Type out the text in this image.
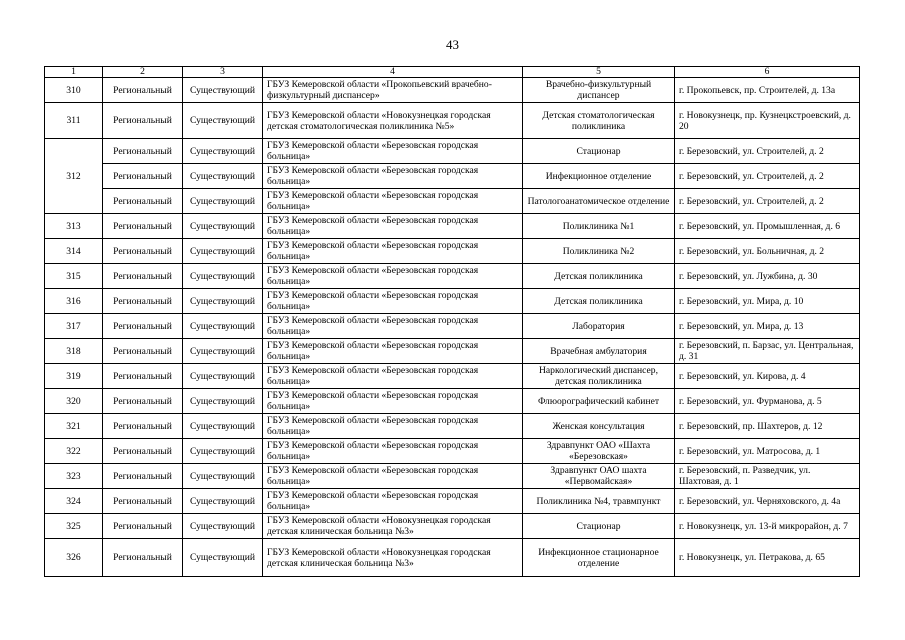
43
1	2	3	4	5	6
310	Региональный	Существующий	ГБУЗ Кемеровской области «Прокопьевский врачебно-физкультурный диспансер»	Врачебно-физкультурный диспансер	г. Прокопьевск, пр. Строителей, д. 13а
311	Региональный	Существующий	ГБУЗ Кемеровской области «Новокузнецкая городская детская стоматологическая поликлиника №5»	Детская стоматологическая поликлиника	г. Новокузнецк, пр. Кузнецкстроевский, д. 20
312	Региональный	Существующий	ГБУЗ Кемеровской области «Березовская городская больница»	Стационар	г. Березовский, ул. Строителей, д. 2
	Региональный	Существующий	ГБУЗ Кемеровской области «Березовская городская больница»	Инфекционное отделение	г. Березовский, ул. Строителей, д. 2
	Региональный	Существующий	ГБУЗ Кемеровской области «Березовская городская больница»	Патологоанатомическое отделение	г. Березовский, ул. Строителей, д. 2
313	Региональный	Существующий	ГБУЗ Кемеровской области «Березовская городская больница»	Поликлиника №1	г. Березовский, ул. Промышленная, д. 6
314	Региональный	Существующий	ГБУЗ Кемеровской области «Березовская городская больница»	Поликлиника №2	г. Березовский, ул. Больничная, д. 2
315	Региональный	Существующий	ГБУЗ Кемеровской области «Березовская городская больница»	Детская поликлиника	г. Березовский, ул. Лужбина, д. 30
316	Региональный	Существующий	ГБУЗ Кемеровской области «Березовская городская больница»	Детская поликлиника	г. Березовский, ул. Мира, д. 10
317	Региональный	Существующий	ГБУЗ Кемеровской области «Березовская городская больница»	Лаборатория	г. Березовский, ул. Мира, д. 13
318	Региональный	Существующий	ГБУЗ Кемеровской области «Березовская городская больница»	Врачебная амбулатория	г. Березовский, п. Барзас, ул. Центральная, д. 31
319	Региональный	Существующий	ГБУЗ Кемеровской области «Березовская городская больница»	Наркологический диспансер, детская поликлиника	г. Березовский, ул. Кирова, д. 4
320	Региональный	Существующий	ГБУЗ Кемеровской области «Березовская городская больница»	Флюорографический кабинет	г. Березовский, ул. Фурманова, д. 5
321	Региональный	Существующий	ГБУЗ Кемеровской области «Березовская городская больница»	Женская консультация	г. Березовский, пр. Шахтеров, д. 12
322	Региональный	Существующий	ГБУЗ Кемеровской области «Березовская городская больница»	Здравпункт ОАО «Шахта «Березовская»	г. Березовский, ул. Матросова, д. 1
323	Региональный	Существующий	ГБУЗ Кемеровской области «Березовская городская больница»	Здравпункт ОАО шахта «Первомайская»	г. Березовский, п. Разведчик, ул. Шахтовая, д. 1
324	Региональный	Существующий	ГБУЗ Кемеровской области «Березовская городская больница»	Поликлиника №4, травмпункт	г. Березовский, ул. Черняховского, д. 4а
325	Региональный	Существующий	ГБУЗ Кемеровской области «Новокузнецкая городская детская клиническая больница №3»	Стационар	г. Новокузнецк, ул. 13-й микрорайон, д. 7
326	Региональный	Существующий	ГБУЗ Кемеровской области «Новокузнецкая городская детская клиническая больница №3»	Инфекционное стационарное отделение	г. Новокузнецк, ул. Петракова, д. 65
